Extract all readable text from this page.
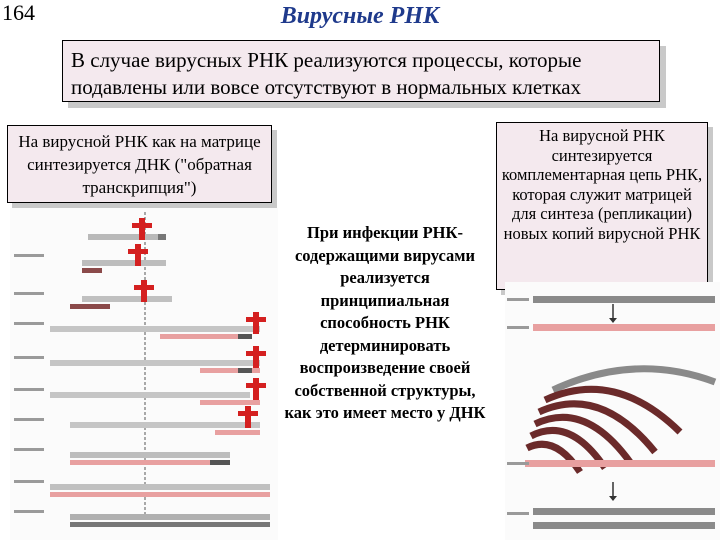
164	Вирусные РНК
В случае вирусных РНК реализуются процессы, которые подавлены или вовсе отсутствуют в нормальных клетках
На вирусной РНК как на матрице синтезируется ДНК ("обратная транскрипция")
При инфекции РНК-содержащими вирусами реализуется принципиальная способность РНК детерминировать воспроизведение своей собственной структуры, как это имеет место у ДНК
На вирусной РНК синтезируется комплементарная цепь РНК, которая служит матрицей для синтеза (репликации) новых копий вирусной РНК
